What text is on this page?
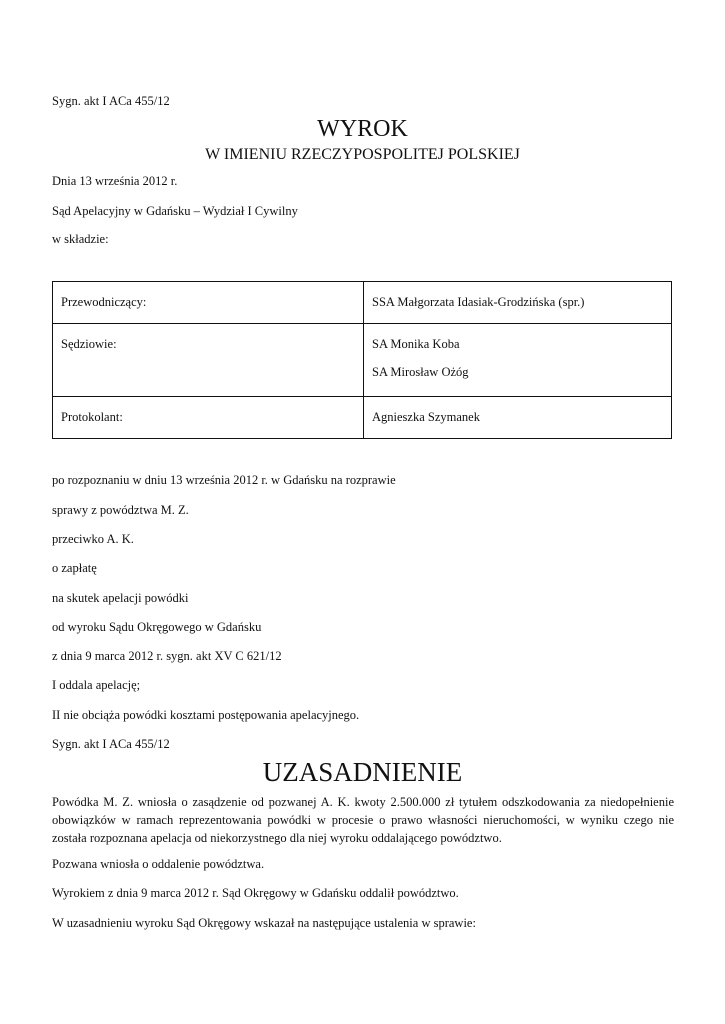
Sygn. akt I ACa 455/12

WYROK
W IMIENIU RZECZYPOSPOLITEJ POLSKIEJ

Dnia 13 września 2012 r.

Sąd Apelacyjny w Gdańsku – Wydział I Cywilny

w składzie:

Przewodniczący:	SSA Małgorzata Idasiak-Grodzińska (spr.)
Sędziowie:	SA Monika Koba
SA Mirosław Ożóg

Protokolant:	Agnieszka Szymanek

po rozpoznaniu w dniu 13 września 2012 r. w Gdańsku na rozprawie

sprawy z powództwa M. Z.

przeciwko A. K.

o zapłatę

na skutek apelacji powódki

od wyroku Sądu Okręgowego w Gdańsku

z dnia 9 marca 2012 r. sygn. akt XV C 621/12

I oddala apelację;

II nie obciąża powódki kosztami postępowania apelacyjnego.

Sygn. akt I ACa 455/12

UZASADNIENIE

Powódka M. Z. wniosła o zasądzenie od pozwanej A. K. kwoty 2.500.000 zł tytułem odszkodowania za niedopełnienie obowiązków w ramach reprezentowania powódki w procesie o prawo własności nieruchomości, w wyniku czego nie została rozpoznana apelacja od niekorzystnego dla niej wyroku oddalającego powództwo.

Pozwana wniosła o oddalenie powództwa.

Wyrokiem z dnia 9 marca 2012 r. Sąd Okręgowy w Gdańsku oddalił powództwo.

W uzasadnieniu wyroku Sąd Okręgowy wskazał na następujące ustalenia w sprawie:
